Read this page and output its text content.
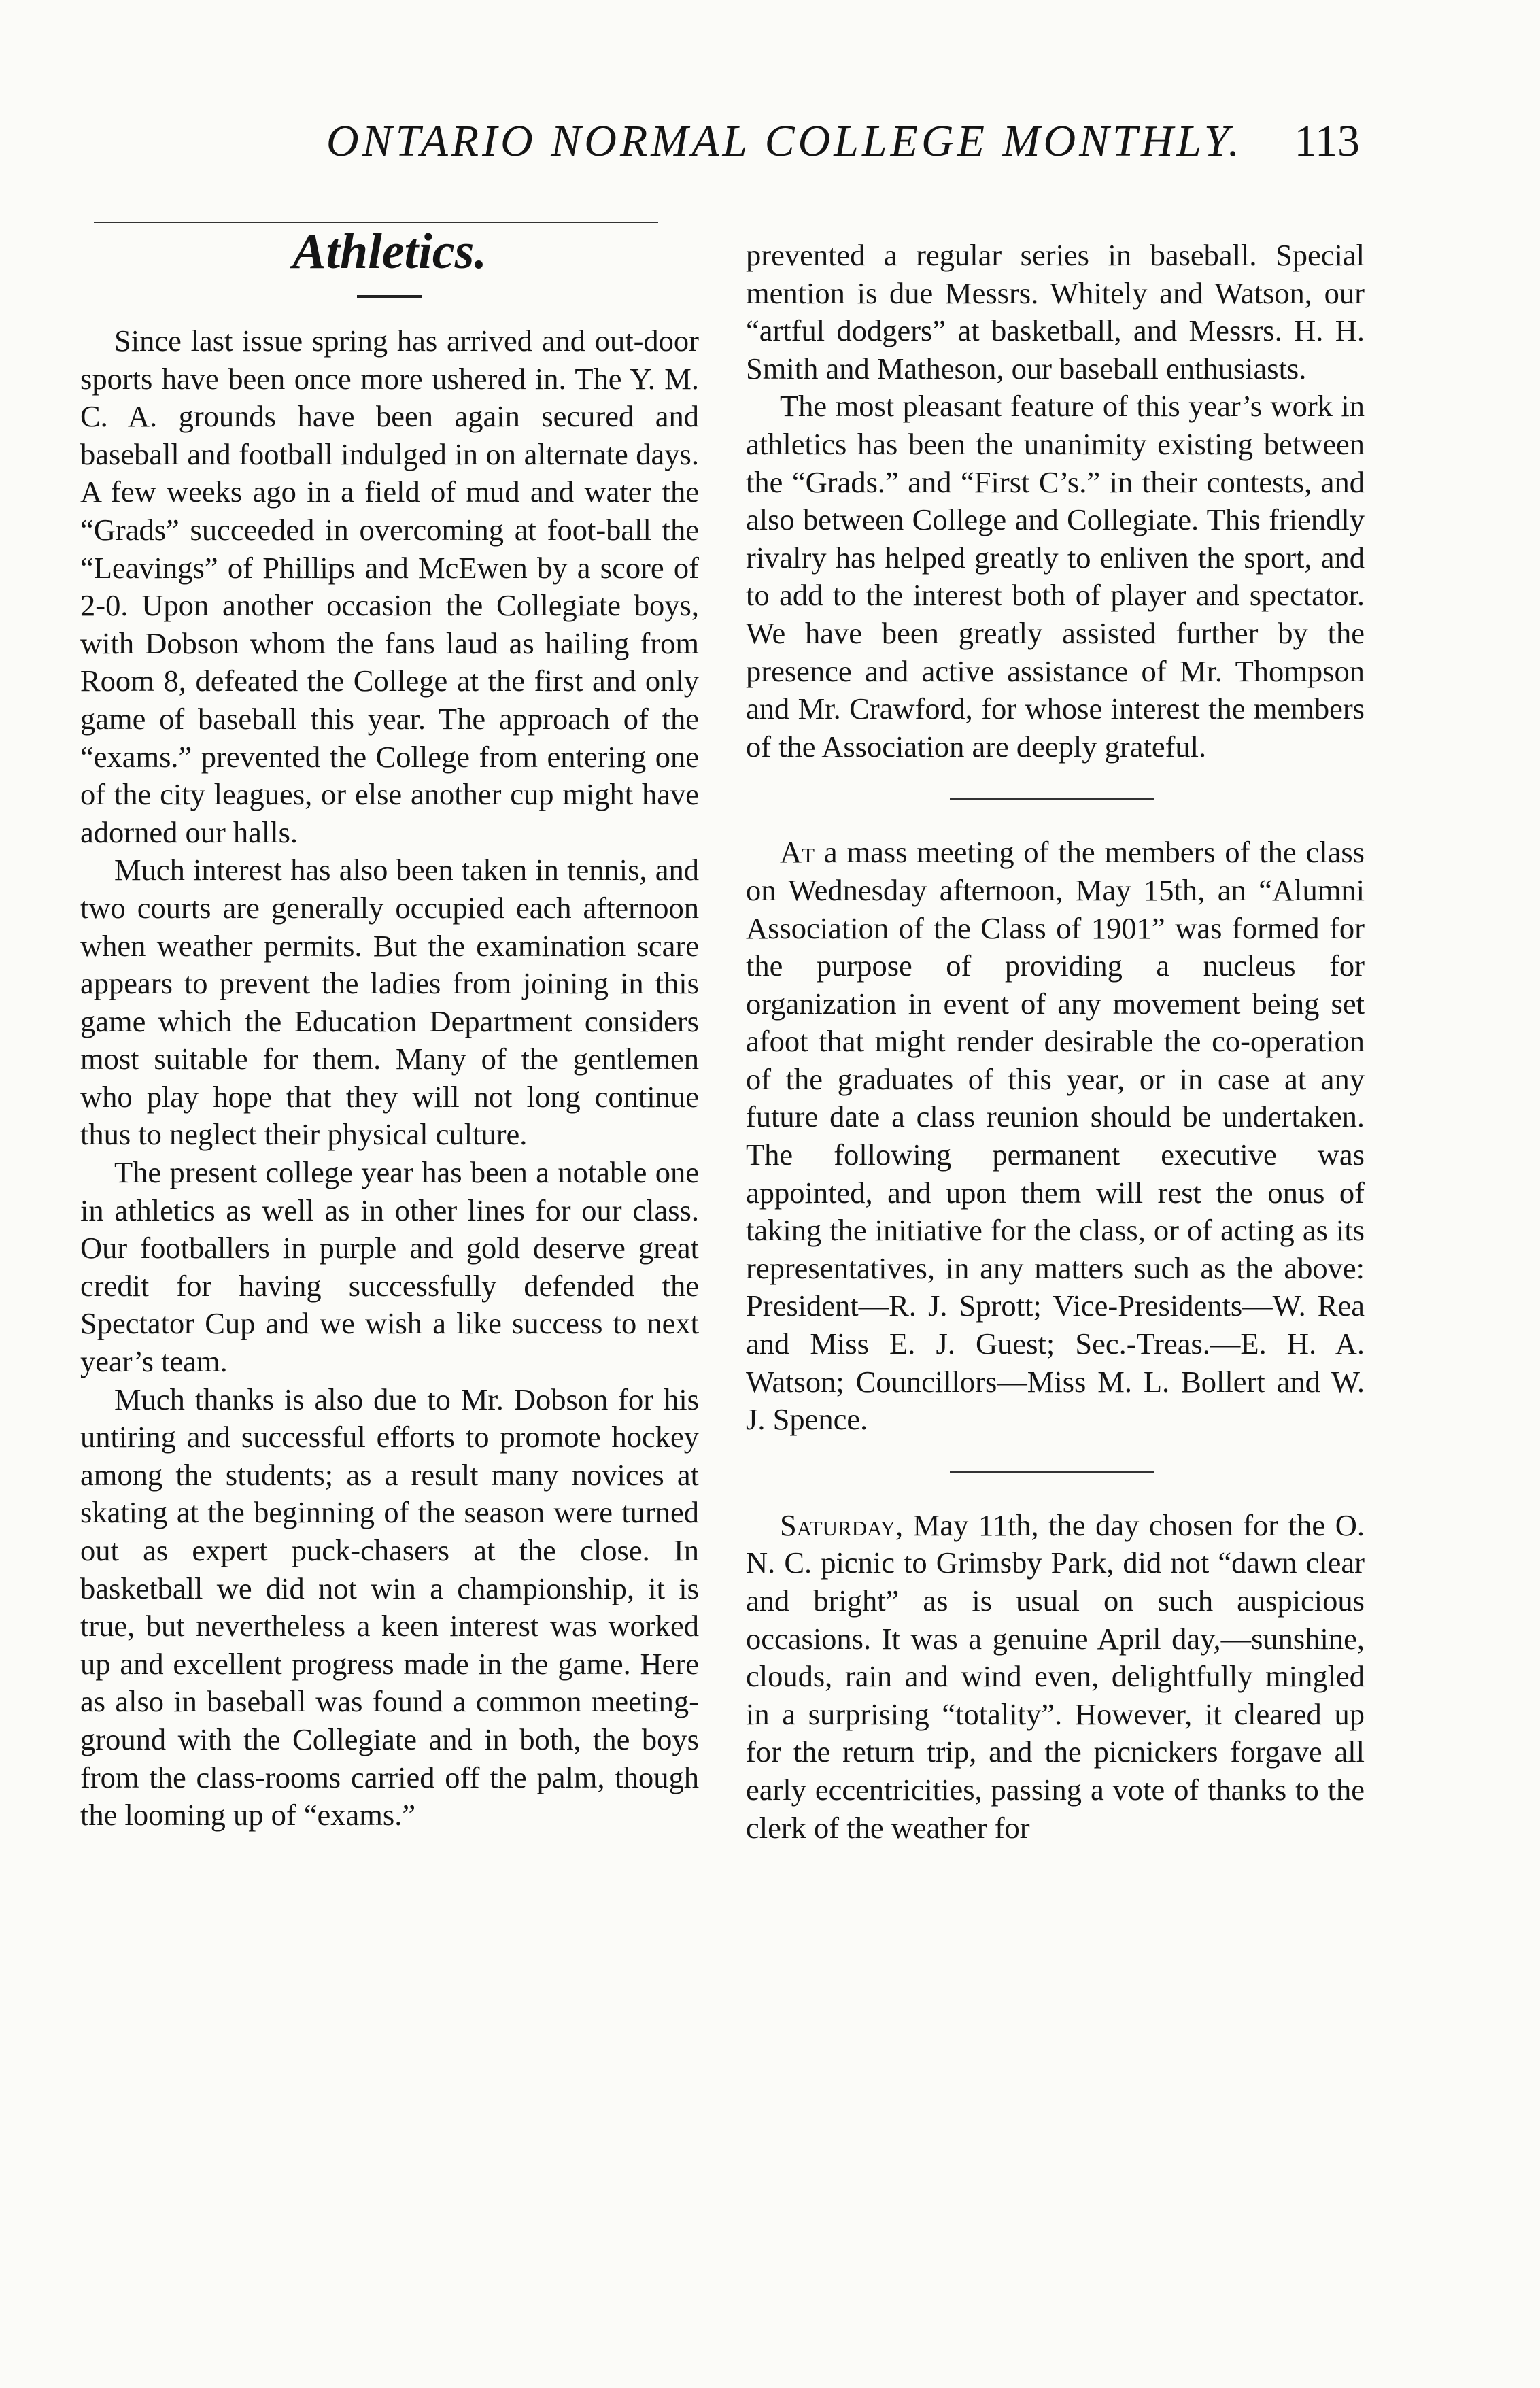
ONTARIO NORMAL COLLEGE MONTHLY. 113
Athletics.

Since last issue spring has arrived and out-door sports have been once more ushered in. The Y. M. C. A. grounds have been again secured and baseball and football indulged in on alternate days. A few weeks ago in a field of mud and water the “Grads” succeeded in overcoming at foot-ball the “Leavings” of Phillips and McEwen by a score of 2-0. Upon another occasion the Collegiate boys, with Dobson whom the fans laud as hailing from Room 8, defeated the College at the first and only game of baseball this year. The approach of the “exams.” prevented the College from entering one of the city leagues, or else another cup might have adorned our halls.

Much interest has also been taken in tennis, and two courts are generally occupied each afternoon when weather permits. But the examination scare appears to prevent the ladies from joining in this game which the Education Department considers most suitable for them. Many of the gentlemen who play hope that they will not long continue thus to neglect their physical culture.

The present college year has been a notable one in athletics as well as in other lines for our class. Our footballers in purple and gold deserve great credit for having successfully defended the Spectator Cup and we wish a like success to next year’s team.

Much thanks is also due to Mr. Dobson for his untiring and successful efforts to promote hockey among the students; as a result many novices at skating at the beginning of the season were turned out as expert puck-chasers at the close. In basketball we did not win a championship, it is true, but nevertheless a keen interest was worked up and excellent progress made in the game. Here as also in baseball was found a common meeting-ground with the Collegiate and in both, the boys from the class-rooms carried off the palm, though the looming up of “exams.”

prevented a regular series in baseball. Special mention is due Messrs. Whitely and Watson, our “artful dodgers” at basketball, and Messrs. H. H. Smith and Matheson, our baseball enthusiasts.

The most pleasant feature of this year’s work in athletics has been the unanimity existing between the “Grads.” and “First C’s.” in their contests, and also between College and Collegiate. This friendly rivalry has helped greatly to enliven the sport, and to add to the interest both of player and spectator. We have been greatly assisted further by the presence and active assistance of Mr. Thompson and Mr. Crawford, for whose interest the members of the Association are deeply grateful.

At a mass meeting of the members of the class on Wednesday afternoon, May 15th, an “Alumni Association of the Class of 1901” was formed for the purpose of providing a nucleus for organization in event of any movement being set afoot that might render desirable the co-operation of the graduates of this year, or in case at any future date a class reunion should be undertaken. The following permanent executive was appointed, and upon them will rest the onus of taking the initiative for the class, or of acting as its representatives, in any matters such as the above: President—R. J. Sprott; Vice-Presidents—W. Rea and Miss E. J. Guest; Sec.-Treas.—E. H. A. Watson; Councillors—Miss M. L. Bollert and W. J. Spence.

Saturday, May 11th, the day chosen for the O. N. C. picnic to Grimsby Park, did not “dawn clear and bright” as is usual on such auspicious occasions. It was a genuine April day,—sunshine, clouds, rain and wind even, delightfully mingled in a surprising “totality”. However, it cleared up for the return trip, and the picnickers forgave all early eccentricities, passing a vote of thanks to the clerk of the weather for
